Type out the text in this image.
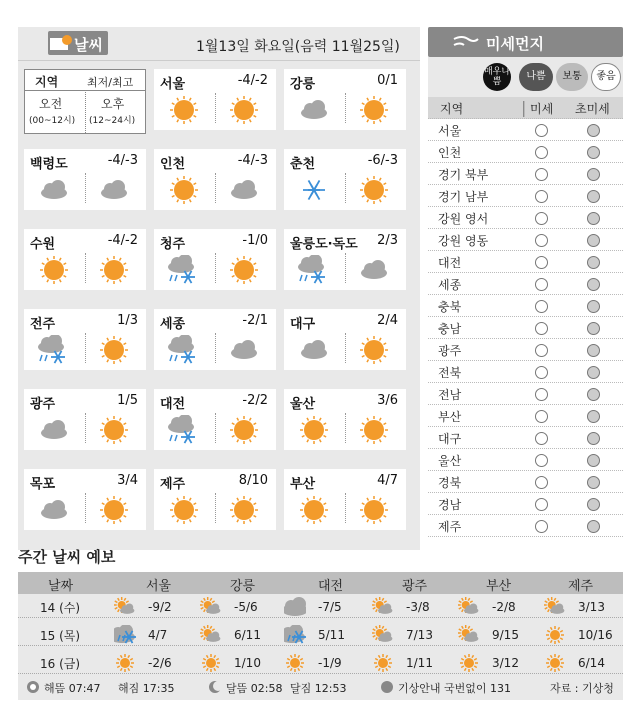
날씨	1월13일 화요일(음력 11월25일)
지역	최저/최고
오전
(00~12시)
오후
(12~24시)
서울	-4/-2 강릉	0/1
백령도	-4/-3 인천	-4/-3 춘천	-6/-3
수원	-4/-2 청주	-1/0 울릉도·독도 2/3
전주	1/3 세종	-2/1 대구	2/4
광주	1/5 대전	-2/2 울산	3/6
목포	3/4 제주	8/10 부산	4/7
미세먼지
매우나쁨	나쁨	보통	좋음
지역	| 미세 초미세
서울
인천
경기 북부
경기 남부
강원 영서
강원 영동
대전
세종
충북
충남
광주
전북
전남
부산
대구
울산
경북
경남
제주
주간 날씨 예보
날짜	서울	강릉	대전	광주	부산	제주
14 (수)	-9/2	-5/6	-7/5	-3/8	-2/8	3/13
15 (목)	4/7	6/11	5/11	7/13	9/15	10/16
16 (금)	-2/6	1/10	-1/9	1/11	3/12	6/14
해뜸 07:47 해짐 17:35	달뜸 02:58 달짐 12:53	기상안내 국번없이 131	자료 : 기상청
